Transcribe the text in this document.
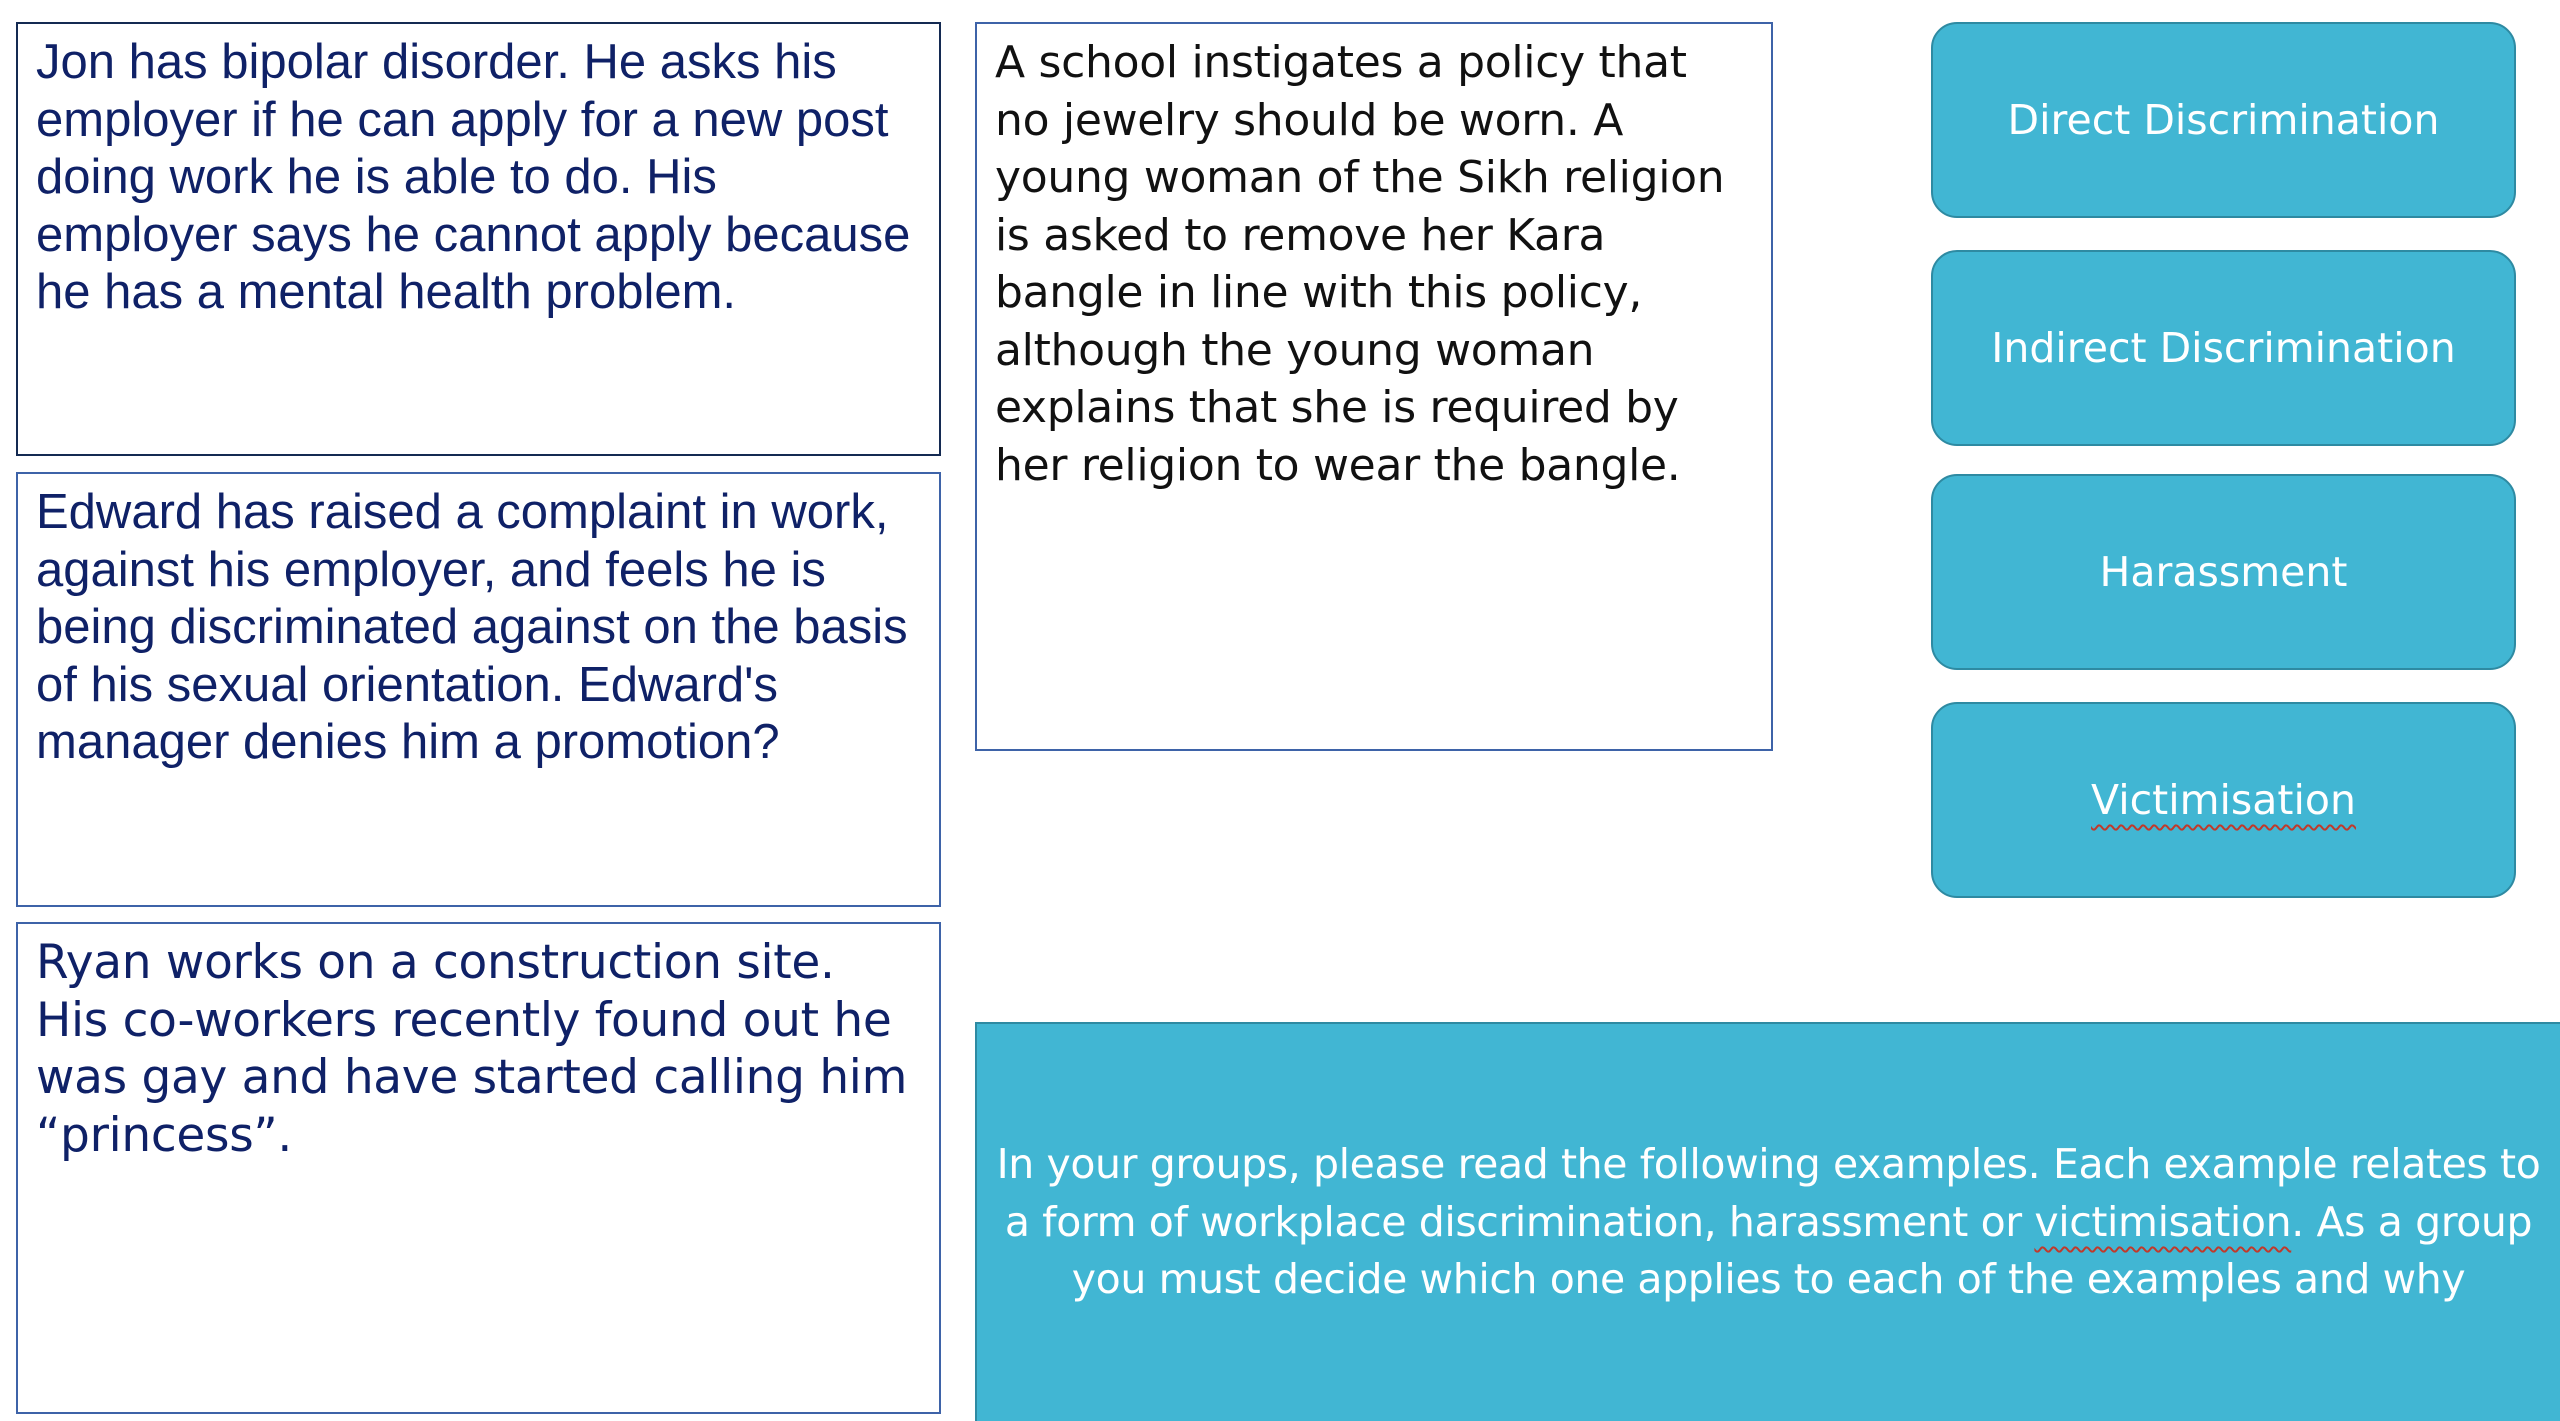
Jon has bipolar disorder. He asks his employer if he can apply for a new post doing work he is able to do. His employer says he cannot apply because he has a mental health problem.

Edward has raised a complaint in work, against his employer, and feels he is being discriminated against on the basis of his sexual orientation. Edward's manager denies him a promotion?

Ryan works on a construction site. His co-workers recently found out he was gay and have started calling him “princess”.

A school instigates a policy that no jewelry should be worn. A young woman of the Sikh religion is asked to remove her Kara bangle in line with this policy, although the young woman explains that she is required by her religion to wear the bangle.

Direct Discrimination
Indirect Discrimination
Harassment
Victimisation

In your groups, please read the following examples. Each example relates to a form of workplace discrimination, harassment or victimisation. As a group you must decide which one applies to each of the examples and why
